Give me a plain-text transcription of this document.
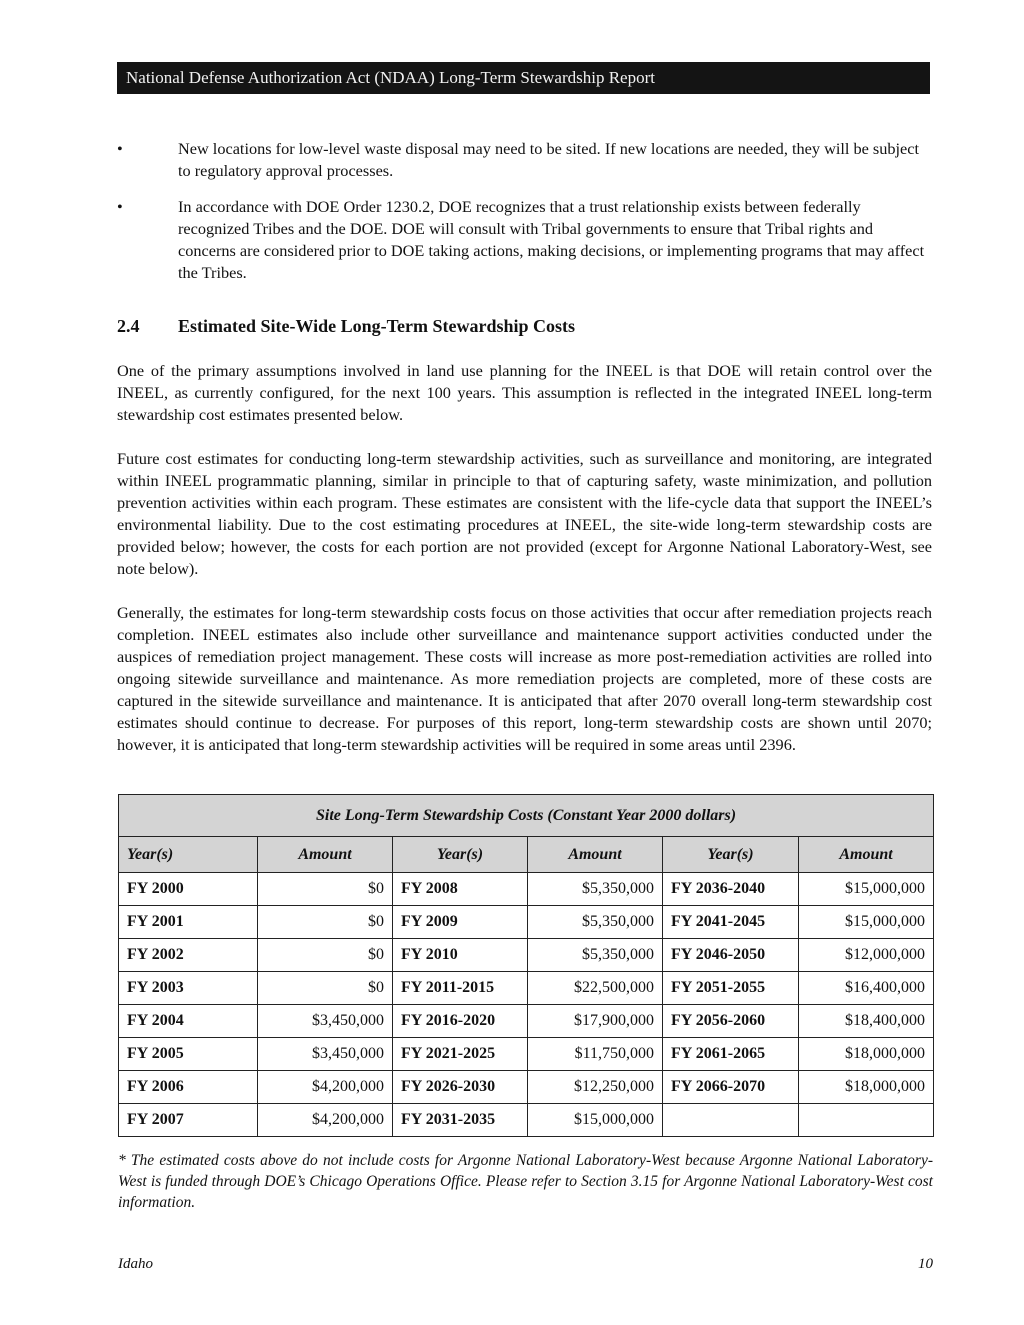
National Defense Authorization Act (NDAA) Long-Term Stewardship Report
•	New locations for low-level waste disposal may need to be sited. If new locations are needed, they will be subject to regulatory approval processes.
•	In accordance with DOE Order 1230.2, DOE recognizes that a trust relationship exists between federally recognized Tribes and the DOE. DOE will consult with Tribal governments to ensure that Tribal rights and concerns are considered prior to DOE taking actions, making decisions, or implementing programs that may affect the Tribes.
2.4 Estimated Site-Wide Long-Term Stewardship Costs

One of the primary assumptions involved in land use planning for the INEEL is that DOE will retain control over the INEEL, as currently configured, for the next 100 years. This assumption is reflected in the integrated INEEL long-term stewardship cost estimates presented below.

Future cost estimates for conducting long-term stewardship activities, such as surveillance and monitoring, are integrated within INEEL programmatic planning, similar in principle to that of capturing safety, waste minimization, and pollution prevention activities within each program. These estimates are consistent with the life-cycle data that support the INEEL’s environmental liability. Due to the cost estimating procedures at INEEL, the site-wide long-term stewardship costs are provided below; however, the costs for each portion are not provided (except for Argonne National Laboratory-West, see note below).

Generally, the estimates for long-term stewardship costs focus on those activities that occur after remediation projects reach completion. INEEL estimates also include other surveillance and maintenance support activities conducted under the auspices of remediation project management. These costs will increase as more post-remediation activities are rolled into ongoing sitewide surveillance and maintenance. As more remediation projects are completed, more of these costs are captured in the sitewide surveillance and maintenance. It is anticipated that after 2070 overall long-term stewardship cost estimates should continue to decrease. For purposes of this report, long-term stewardship costs are shown until 2070; however, it is anticipated that long-term stewardship activities will be required in some areas until 2396.

Site Long-Term Stewardship Costs (Constant Year 2000 dollars)					
Year(s)	Amount	Year(s)	Amount	Year(s)	Amount
FY 2000	$0	FY 2008	$5,350,000	FY 2036-2040	$15,000,000
FY 2001	$0	FY 2009	$5,350,000	FY 2041-2045	$15,000,000
FY 2002	$0	FY 2010	$5,350,000	FY 2046-2050	$12,000,000
FY 2003	$0	FY 2011-2015	$22,500,000	FY 2051-2055	$16,400,000
FY 2004	$3,450,000	FY 2016-2020	$17,900,000	FY 2056-2060	$18,400,000
FY 2005	$3,450,000	FY 2021-2025	$11,750,000	FY 2061-2065	$18,000,000
FY 2006	$4,200,000	FY 2026-2030	$12,250,000	FY 2066-2070	$18,000,000
FY 2007	$4,200,000	FY 2031-2035	$15,000,000		
* The estimated costs above do not include costs for Argonne National Laboratory-West because Argonne National Laboratory-West is funded through DOE’s Chicago Operations Office. Please refer to Section 3.15 for Argonne National Laboratory-West cost information.
Idaho	10
